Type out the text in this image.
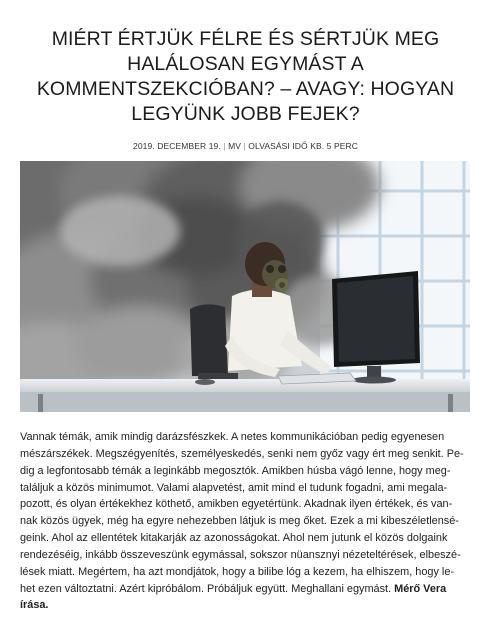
MIÉRT ÉRTJÜK FÉLRE ÉS SÉRTJÜK MEG
HALÁLOSAN EGYMÁST A
KOMMENTSZEKCIÓBAN? – AVAGY: HOGYAN
LEGYÜNK JOBB FEJEK?
2019. DECEMBER 19. | MV | OLVASÁSI IDŐ KB. 5 PERC
Vannak témák, amik mindig darázsfészkek. A netes kommunikációban pedig egyenesen
mészárszékek. Megszégyenítés, személyeskedés, senki nem győz vagy ért meg senkit. Pe-
dig a legfontosabb témák a leginkább megosztók. Amikben húsba vágó lenne, hogy meg-
találjuk a közös minimumot. Valami alapvetést, amit mind el tudunk fogadni, ami megala-
pozott, és olyan értékekhez köthető, amikben egyetértünk. Akadnak ilyen értékek, és van-
nak közös ügyek, még ha egyre nehezebben látjuk is meg őket. Ezek a mi kibeszéletlensé-
geink. Ahol az ellentétek kitakarják az azonosságokat. Ahol nem jutunk el közös dolgaink
rendezéséig, inkább összeveszünk egymással, sokszor nüansznyi nézeteltérések, elbeszé-
lések miatt. Megértem, ha azt mondjátok, hogy a bilibe lóg a kezem, ha elhiszem, hogy le-
het ezen változtatni. Azért kipróbálom. Próbáljuk együtt. Meghallani egymást. Mérő Vera
írása.
